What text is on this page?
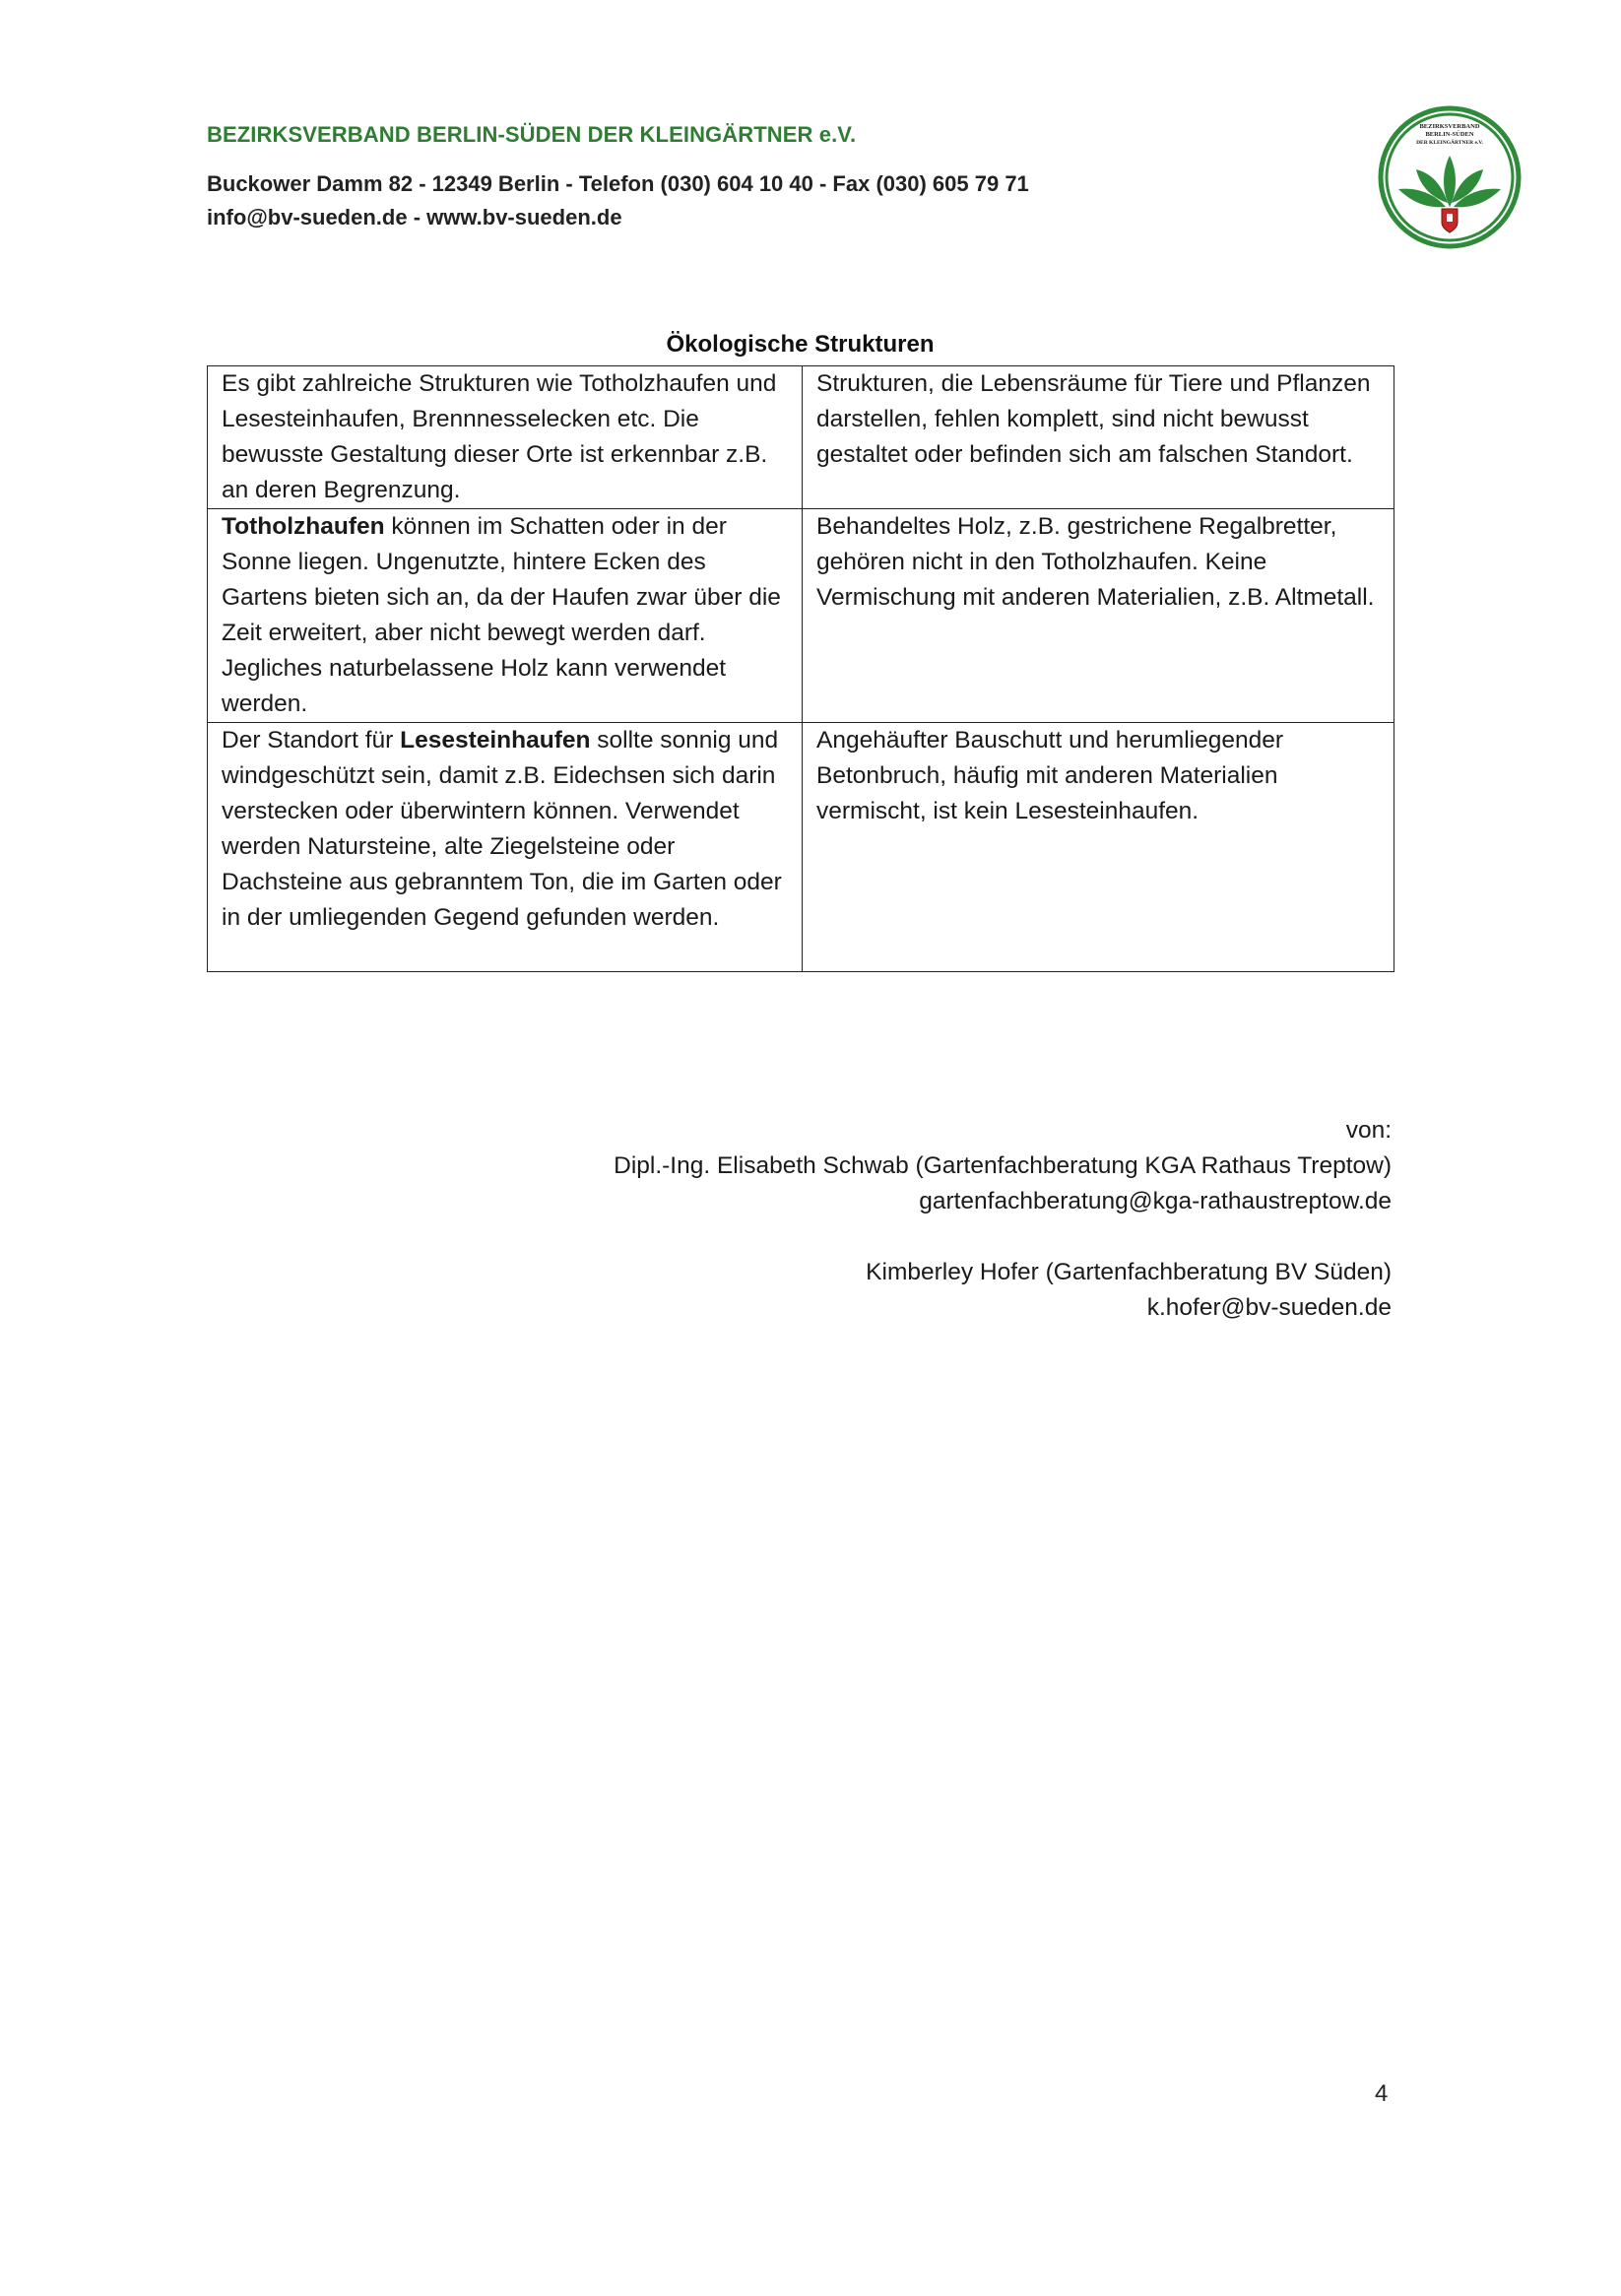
BEZIRKSVERBAND BERLIN-SÜDEN DER KLEINGÄRTNER e.V.
Buckower Damm 82 - 12349 Berlin - Telefon (030) 604 10 40 - Fax (030) 605 79 71
info@bv-sueden.de - www.bv-sueden.de
BEZIRKSVERBAND
BERLIN-SÜDEN
DER KLEINGÄRTNER e.V.
Ökologische Strukturen
Es gibt zahlreiche Strukturen wie Totholzhaufen und Lesesteinhaufen, Brennnesselecken etc. Die bewusste Gestaltung dieser Orte ist erkennbar z.B. an deren Begrenzung.	Strukturen, die Lebensräume für Tiere und Pflanzen darstellen, fehlen komplett, sind nicht bewusst gestaltet oder befinden sich am falschen Standort.
Totholzhaufen können im Schatten oder in der Sonne liegen. Ungenutzte, hintere Ecken des Gartens bieten sich an, da der Haufen zwar über die Zeit erweitert, aber nicht bewegt werden darf. Jegliches naturbelassene Holz kann verwendet werden.	Behandeltes Holz, z.B. gestrichene Regalbretter, gehören nicht in den Totholzhaufen. Keine Vermischung mit anderen Materialien, z.B. Altmetall.
Der Standort für Lesesteinhaufen sollte sonnig und windgeschützt sein, damit z.B. Eidechsen sich darin verstecken oder überwintern können. Verwendet werden Natursteine, alte Ziegelsteine oder Dachsteine aus gebranntem Ton, die im Garten oder in der umliegenden Gegend gefunden werden.	Angehäufter Bauschutt und herumliegender Betonbruch, häufig mit anderen Materialien vermischt, ist kein Lesesteinhaufen.
von:
Dipl.-Ing. Elisabeth Schwab (Gartenfachberatung KGA Rathaus Treptow)
gartenfachberatung@kga-rathaustreptow.de
Kimberley Hofer (Gartenfachberatung BV Süden)
k.hofer@bv-sueden.de
4
